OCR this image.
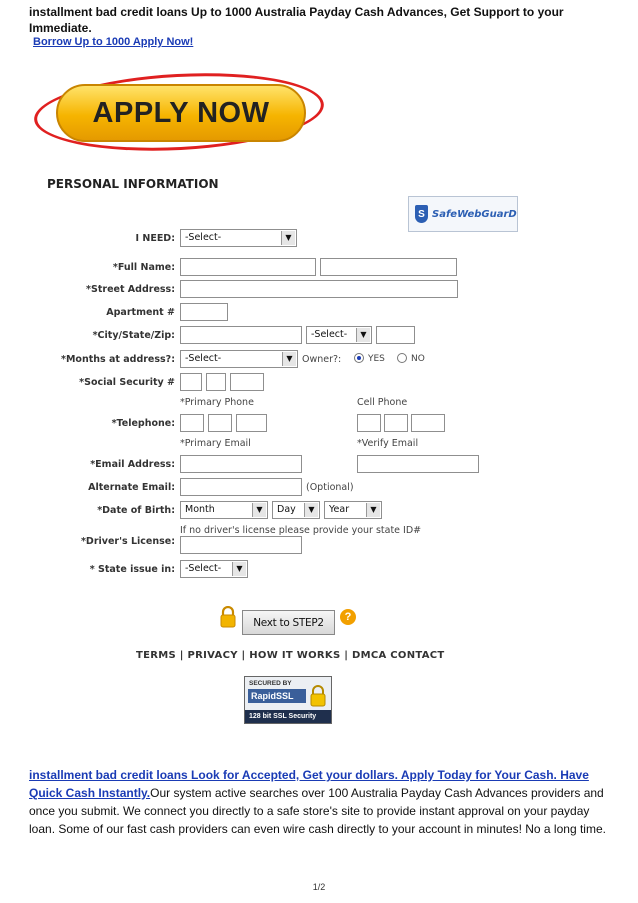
installment bad credit loans Up to 1000 Australia Payday Cash Advances, Get Support to your Immediate.
Borrow Up to 1000 Apply Now!
APPLY NOW
PERSONAL INFORMATION
S SafeWebGuarD
I NEED:	-Select-	▼
*Full Name:
*Street Address:
Apartment #
*City/State/Zip:	-Select-	▼
*Months at address?:	-Select-	▼ Owner?:	YES	NO
*Social Security #
*Primary Phone	Cell Phone
*Telephone:
*Primary Email	*Verify Email
*Email Address:
Alternate Email:	(Optional)
*Date of Birth:	Month	▼	Day	▼	Year	▼
If no driver's license please provide your state ID#
*Driver's License:
* State issue in:	-Select-	▼
Next to STEP2	?
TERMS | PRIVACY | HOW IT WORKS | DMCA CONTACT
SECURED BY
RapidSSL
128 bit SSL Security
installment bad credit loans Look for Accepted, Get your dollars. Apply Today for Your Cash. Have Quick Cash Instantly.Our system active searches over 100 Australia Payday Cash Advances providers and once you submit. We connect you directly to a safe store's site to provide instant approval on your payday loan. Some of our fast cash providers can even wire cash directly to your account in minutes! No a long time.
1/2
